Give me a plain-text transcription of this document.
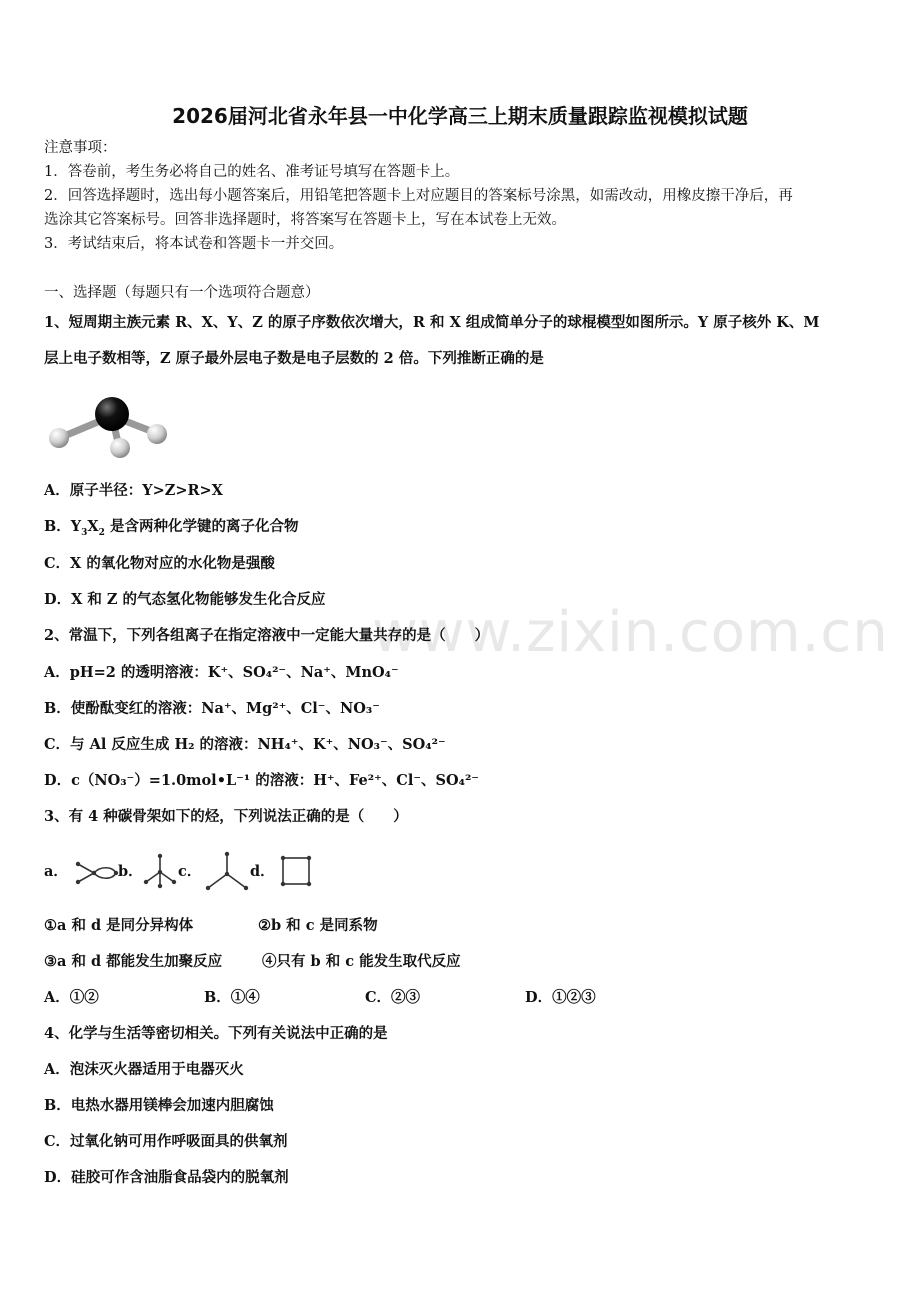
2026届河北省永年县一中化学高三上期末质量跟踪监视模拟试题
注意事项：
1．答卷前，考生务必将自己的姓名、准考证号填写在答题卡上。
2．回答选择题时，选出每小题答案后，用铅笔把答题卡上对应题目的答案标号涂黑，如需改动，用橡皮擦干净后，再
选涂其它答案标号。回答非选择题时，将答案写在答题卡上，写在本试卷上无效。
3．考试结束后，将本试卷和答题卡一并交回。
一、选择题（每题只有一个选项符合题意）
1、短周期主族元素 R、X、Y、Z 的原子序数依次增大，R 和 X 组成简单分子的球棍模型如图所示。Y 原子核外 K、M
层上电子数相等，Z 原子最外层电子数是电子层数的 2 倍。下列推断正确的是
A．原子半径：Y>Z>R>X
B．$Y_3X_2$ 是含两种化学键的离子化合物
C．X 的氧化物对应的水化物是强酸
D．X 和 Z 的气态氢化物能够发生化合反应
www.zixin.com.cn
2、常温下，下列各组离子在指定溶液中一定能大量共存的是（　　）
A．pH=2 的透明溶液：K⁺、SO₄²⁻、Na⁺、MnO₄⁻
B．使酚酞变红的溶液：Na⁺、Mg²⁺、Cl⁻、NO₃⁻
C．与 Al 反应生成 H₂ 的溶液：NH₄⁺、K⁺、NO₃⁻、SO₄²⁻
D．c（NO₃⁻）=1.0mol•L⁻¹ 的溶液：H⁺、Fe²⁺、Cl⁻、SO₄²⁻
3、有 4 种碳骨架如下的烃，下列说法正确的是（　　）
a．	b． c．	d．
①a 和 d 是同分异构体	②b 和 c 是同系物
③a 和 d 都能发生加聚反应	④只有 b 和 c 能发生取代反应
A．①②	B．①④	C．②③	D．①②③
4、化学与生活等密切相关。下列有关说法中正确的是
A．泡沫灭火器适用于电器灭火
B．电热水器用镁棒会加速内胆腐蚀
C．过氧化钠可用作呼吸面具的供氧剂
D．硅胶可作含油脂食品袋内的脱氧剂
